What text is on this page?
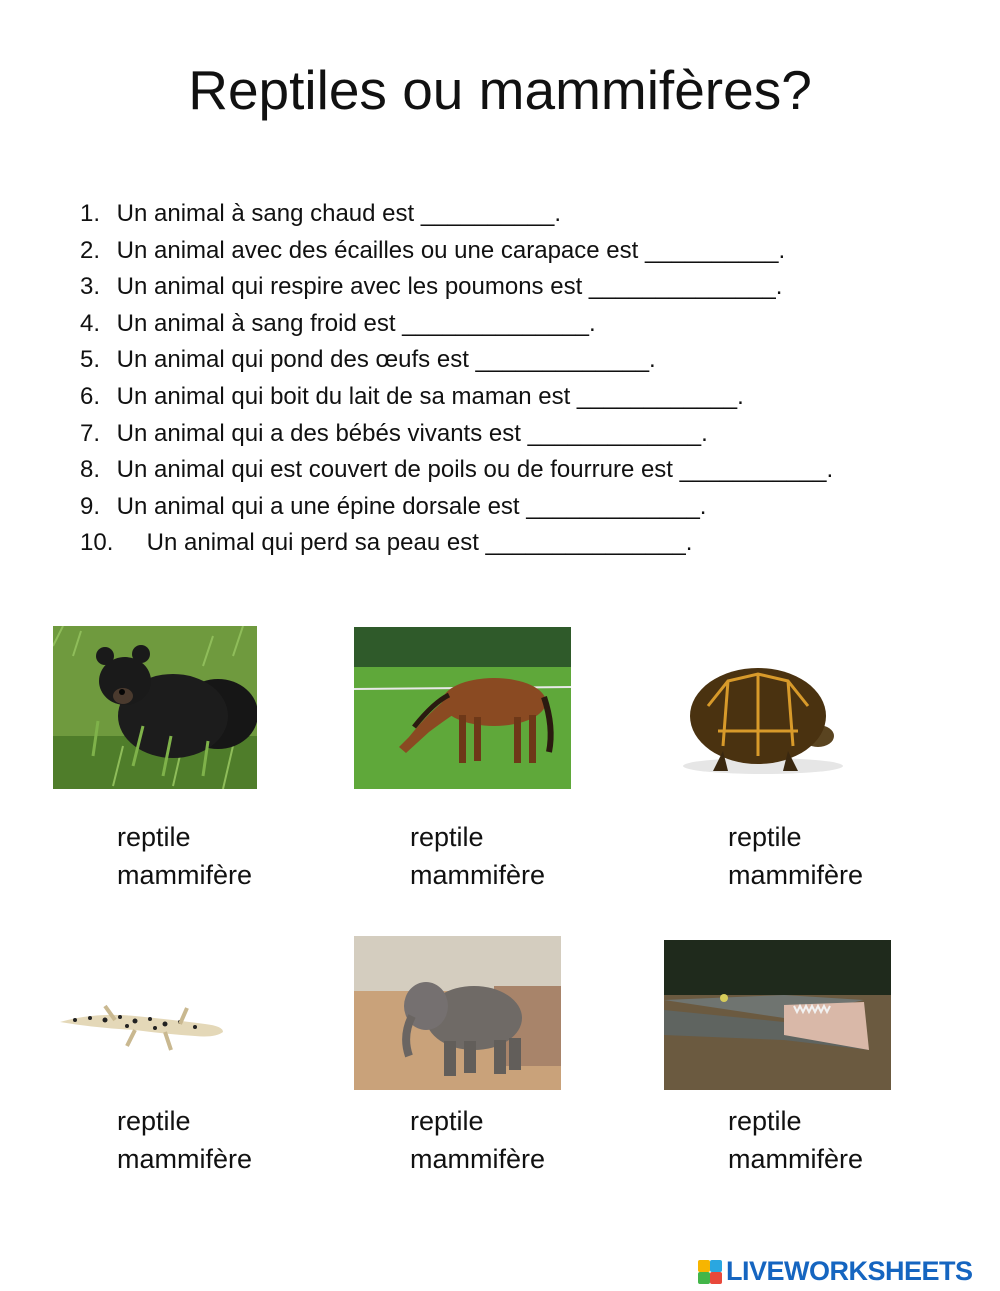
Reptiles ou mammifères?
1. Un animal à sang chaud est __________.
2. Un animal avec des écailles ou une carapace est __________.
3. Un animal qui respire avec les poumons est ______________.
4. Un animal à sang froid est ______________.
5. Un animal qui pond des œufs est _____________.
6. Un animal qui boit du lait de sa maman est ____________.
7. Un animal qui a des bébés vivants est _____________.
8. Un animal qui est couvert de poils ou de fourrure est ___________.
9. Un animal qui a une épine dorsale est _____________.
10. Un animal qui perd sa peau est _______________.
reptile
mammifère
reptile
mammifère
reptile
mammifère
reptile
mammifère
reptile
mammifère
reptile
mammifère
LIVEWORKSHEETS
